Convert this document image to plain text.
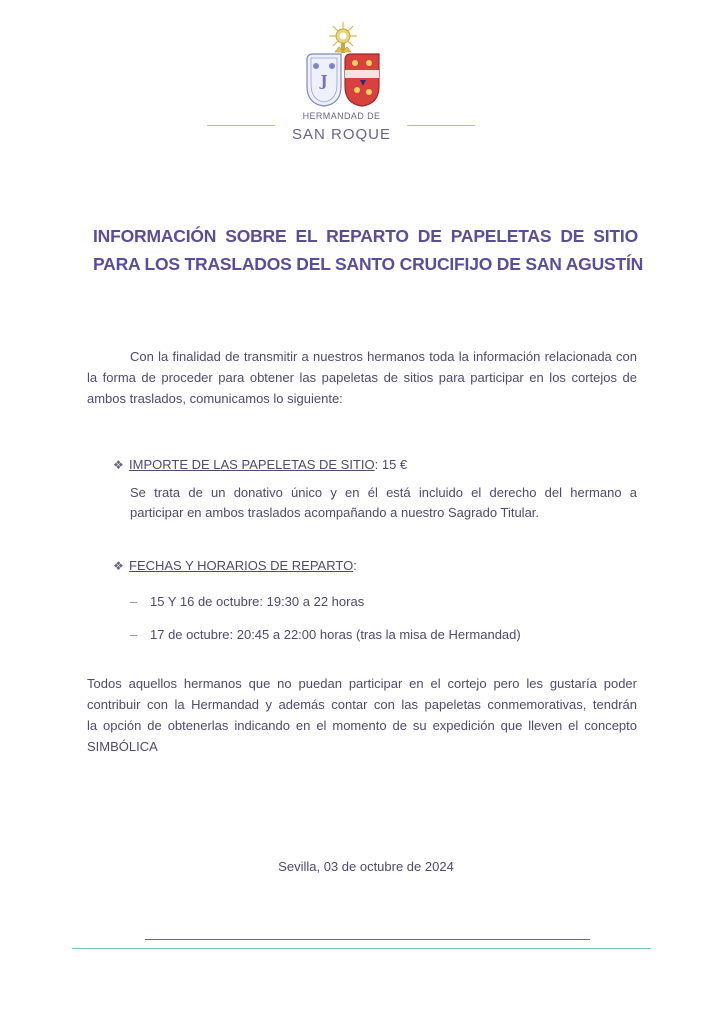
J
HERMANDAD DE
SAN ROQUE
INFORMACIÓN SOBRE EL REPARTO DE PAPELETAS DE SITIO
PARA LOS TRASLADOS DEL SANTO CRUCIFIJO DE SAN AGUSTÍN
Con la finalidad de transmitir a nuestros hermanos toda la información relacionada con la forma de proceder para obtener las papeletas de sitios para participar en los cortejos de ambos traslados, comunicamos lo siguiente:
❖ IMPORTE DE LAS PAPELETAS DE SITIO: 15 €
Se trata de un donativo único y en él está incluido el derecho del hermano a
participar en ambos traslados acompañando a nuestro Sagrado Titular.
❖ FECHAS Y HORARIOS DE REPARTO:
– 15 Y 16 de octubre: 19:30 a 22 horas
– 17 de octubre: 20:45 a 22:00 horas (tras la misa de Hermandad)
Todos aquellos hermanos que no puedan participar en el cortejo pero les gustaría poder
contribuir con la Hermandad y además contar con las papeletas conmemorativas, tendrán
la opción de obtenerlas indicando en el momento de su expedición que lleven el concepto
SIMBÓLICA
Sevilla, 03 de octubre de 2024
